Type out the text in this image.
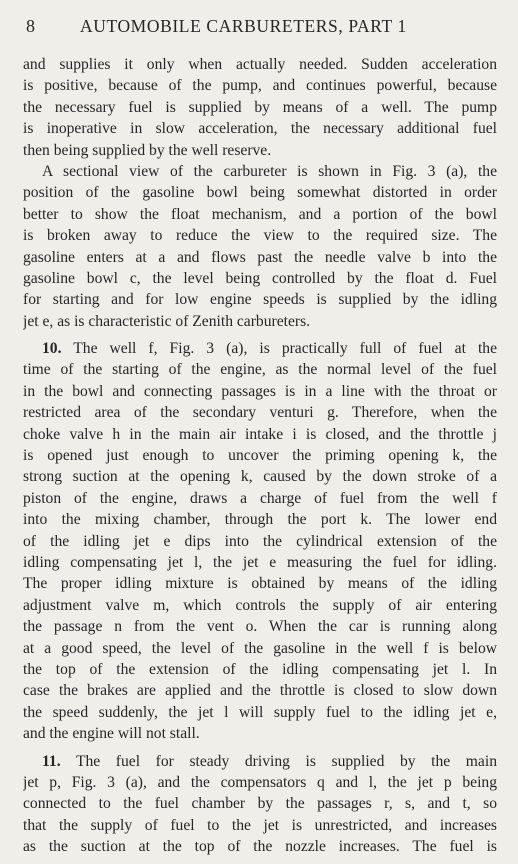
8	AUTOMOBILE CARBURETERS, PART 1
and supplies it only when actually needed. Sudden acceleration
is positive, because of the pump, and continues powerful, because
the necessary fuel is supplied by means of a well. The pump
is inoperative in slow acceleration, the necessary additional fuel
then being supplied by the well reserve.
A sectional view of the carbureter is shown in Fig. 3 (a), the
position of the gasoline bowl being somewhat distorted in order
better to show the float mechanism, and a portion of the bowl
is broken away to reduce the view to the required size. The
gasoline enters at a and flows past the needle valve b into the
gasoline bowl c, the level being controlled by the float d. Fuel
for starting and for low engine speeds is supplied by the idling
jet e, as is characteristic of Zenith carbureters.
10. The well f, Fig. 3 (a), is practically full of fuel at the
time of the starting of the engine, as the normal level of the fuel
in the bowl and connecting passages is in a line with the throat or
restricted area of the secondary venturi g. Therefore, when the
choke valve h in the main air intake i is closed, and the throttle j
is opened just enough to uncover the priming opening k, the
strong suction at the opening k, caused by the down stroke of a
piston of the engine, draws a charge of fuel from the well f
into the mixing chamber, through the port k. The lower end
of the idling jet e dips into the cylindrical extension of the
idling compensating jet l, the jet e measuring the fuel for idling.
The proper idling mixture is obtained by means of the idling
adjustment valve m, which controls the supply of air entering
the passage n from the vent o. When the car is running along
at a good speed, the level of the gasoline in the well f is below
the top of the extension of the idling compensating jet l. In
case the brakes are applied and the throttle is closed to slow down
the speed suddenly, the jet l will supply fuel to the idling jet e,
and the engine will not stall.
11. The fuel for steady driving is supplied by the main
jet p, Fig. 3 (a), and the compensators q and l, the jet p being
connected to the fuel chamber by the passages r, s, and t, so
that the supply of fuel to the jet is unrestricted, and increases
as the suction at the top of the nozzle increases. The fuel is
